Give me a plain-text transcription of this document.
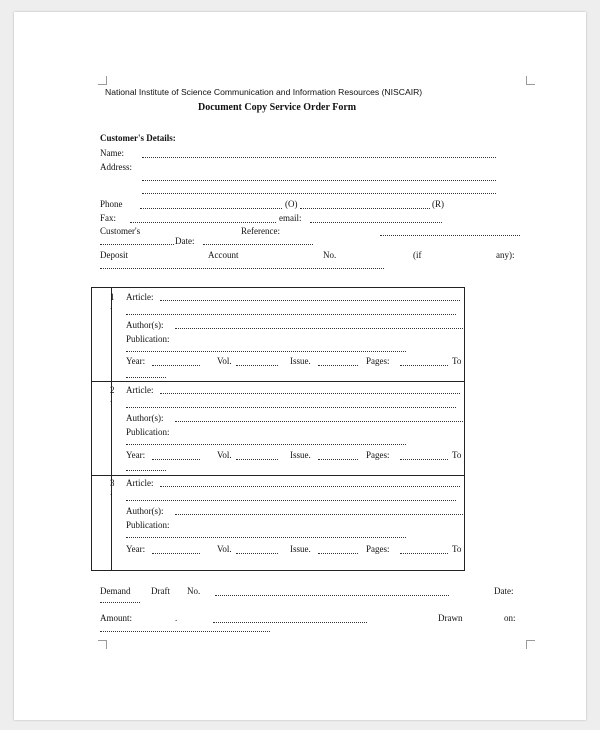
National Institute of Science Communication and Information Resources (NISCAIR)
Document Copy Service Order Form
Customer's Details:
Name:
Address:
Phone	(O)	(R)
Fax:	email:
Customer's	Reference:
Date:
Deposit	Account	No.	(if	any):
1
.
Article:
Author(s):
Publication:
Year:	Vol.	Issue.	Pages:	To
2
.
Article:
Author(s):
Publication:
Year:	Vol.	Issue.	Pages:	To
3
.
Article:
Author(s):
Publication:
Year:	Vol.	Issue.	Pages:	To
Demand Draft No.	Date:
Amount:	.	Drawn	on:
